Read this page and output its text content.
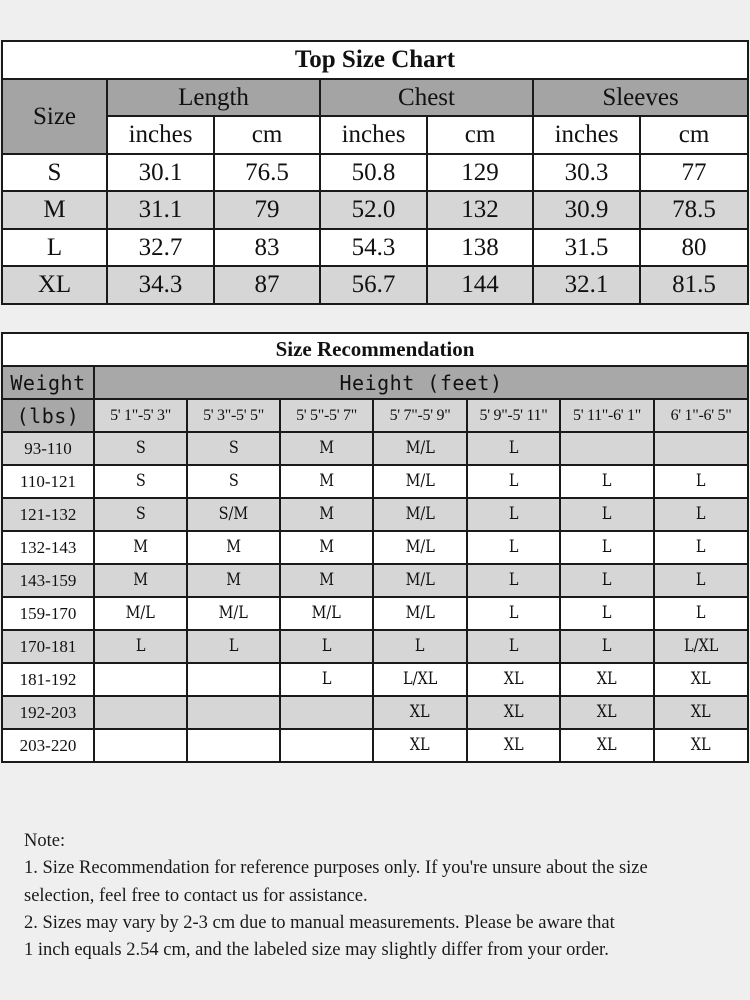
Top Size Chart						
Size	Length		Chest		Sleeves	
	inches	cm	inches	cm	inches	cm
S	30.1	76.5	50.8	129	30.3	77
M	31.1	79	52.0	132	30.9	78.5
L	32.7	83	54.3	138	31.5	80
XL	34.3	87	56.7	144	32.1	81.5
Size Recommendation							
Weight	Height (feet)						
(lbs)	5' 1"-5' 3"	5' 3"-5' 5"	5' 5"-5' 7"	5' 7"-5' 9"	5' 9"-5' 11"	5' 11"-6' 1"	6' 1"-6' 5"
93-110	S	S	M	M/L	L		
110-121	S	S	M	M/L	L	L	L
121-132	S	S/M	M	M/L	L	L	L
132-143	M	M	M	M/L	L	L	L
143-159	M	M	M	M/L	L	L	L
159-170	M/L	M/L	M/L	M/L	L	L	L
170-181	L	L	L	L	L	L	L/XL
181-192			L	L/XL	XL	XL	XL
192-203				XL	XL	XL	XL
203-220				XL	XL	XL	XL

Note:

1. Size Recommendation for reference purposes only. If you're unsure about the size

selection, feel free to contact us for assistance.

2. Sizes may vary by 2-3 cm due to manual measurements. Please be aware that

1 inch equals 2.54 cm, and the labeled size may slightly differ from your order.
